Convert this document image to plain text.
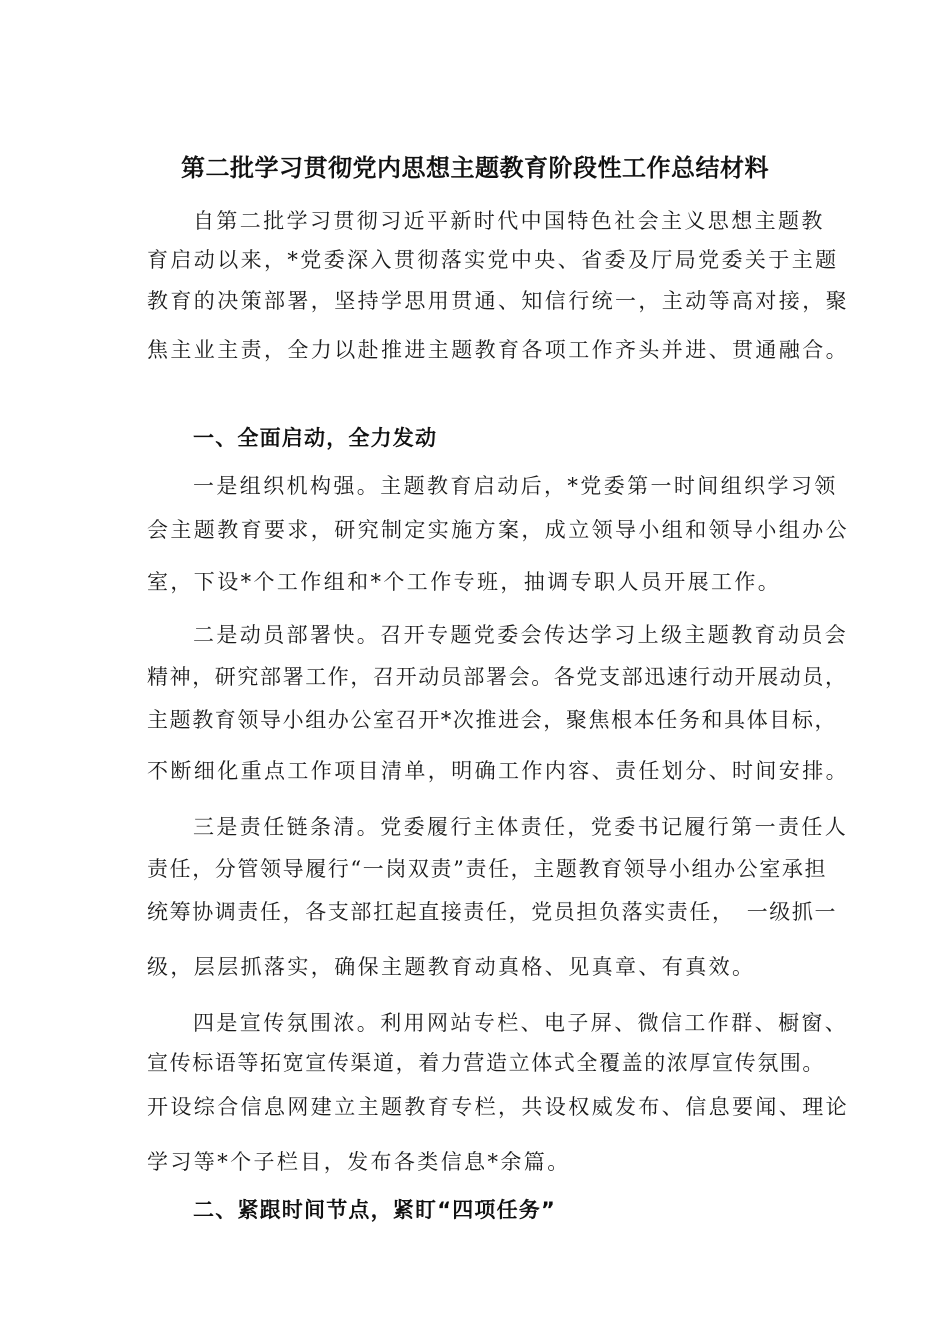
第二批学习贯彻党内思想主题教育阶段性工作总结材料
自第二批学习贯彻习近平新时代中国特色社会主义思想主题教
育启动以来，*党委深入贯彻落实党中央、省委及厅局党委关于主题
教育的决策部署，坚持学思用贯通、知信行统一，主动等高对接，聚
焦主业主责，全力以赴推进主题教育各项工作齐头并进、贯通融合。
一、全面启动，全力发动
一是组织机构强。主题教育启动后，*党委第一时间组织学习领
会主题教育要求，研究制定实施方案，成立领导小组和领导小组办公
室，下设*个工作组和*个工作专班，抽调专职人员开展工作。
二是动员部署快。召开专题党委会传达学习上级主题教育动员会
精神，研究部署工作，召开动员部署会。各党支部迅速行动开展动员，
主题教育领导小组办公室召开*次推进会，聚焦根本任务和具体目标，
不断细化重点工作项目清单，明确工作内容、责任划分、时间安排。
三是责任链条清。党委履行主体责任，党委书记履行第一责任人
责任，分管领导履行“一岗双责”责任，主题教育领导小组办公室承担
统筹协调责任，各支部扛起直接责任，党员担负落实责任，　一级抓一
级，层层抓落实，确保主题教育动真格、见真章、有真效。
四是宣传氛围浓。利用网站专栏、电子屏、微信工作群、橱窗、
宣传标语等拓宽宣传渠道，着力营造立体式全覆盖的浓厚宣传氛围。
开设综合信息网建立主题教育专栏，共设权威发布、信息要闻、理论
学习等*个子栏目，发布各类信息*余篇。
二、紧跟时间节点，紧盯“四项任务”
